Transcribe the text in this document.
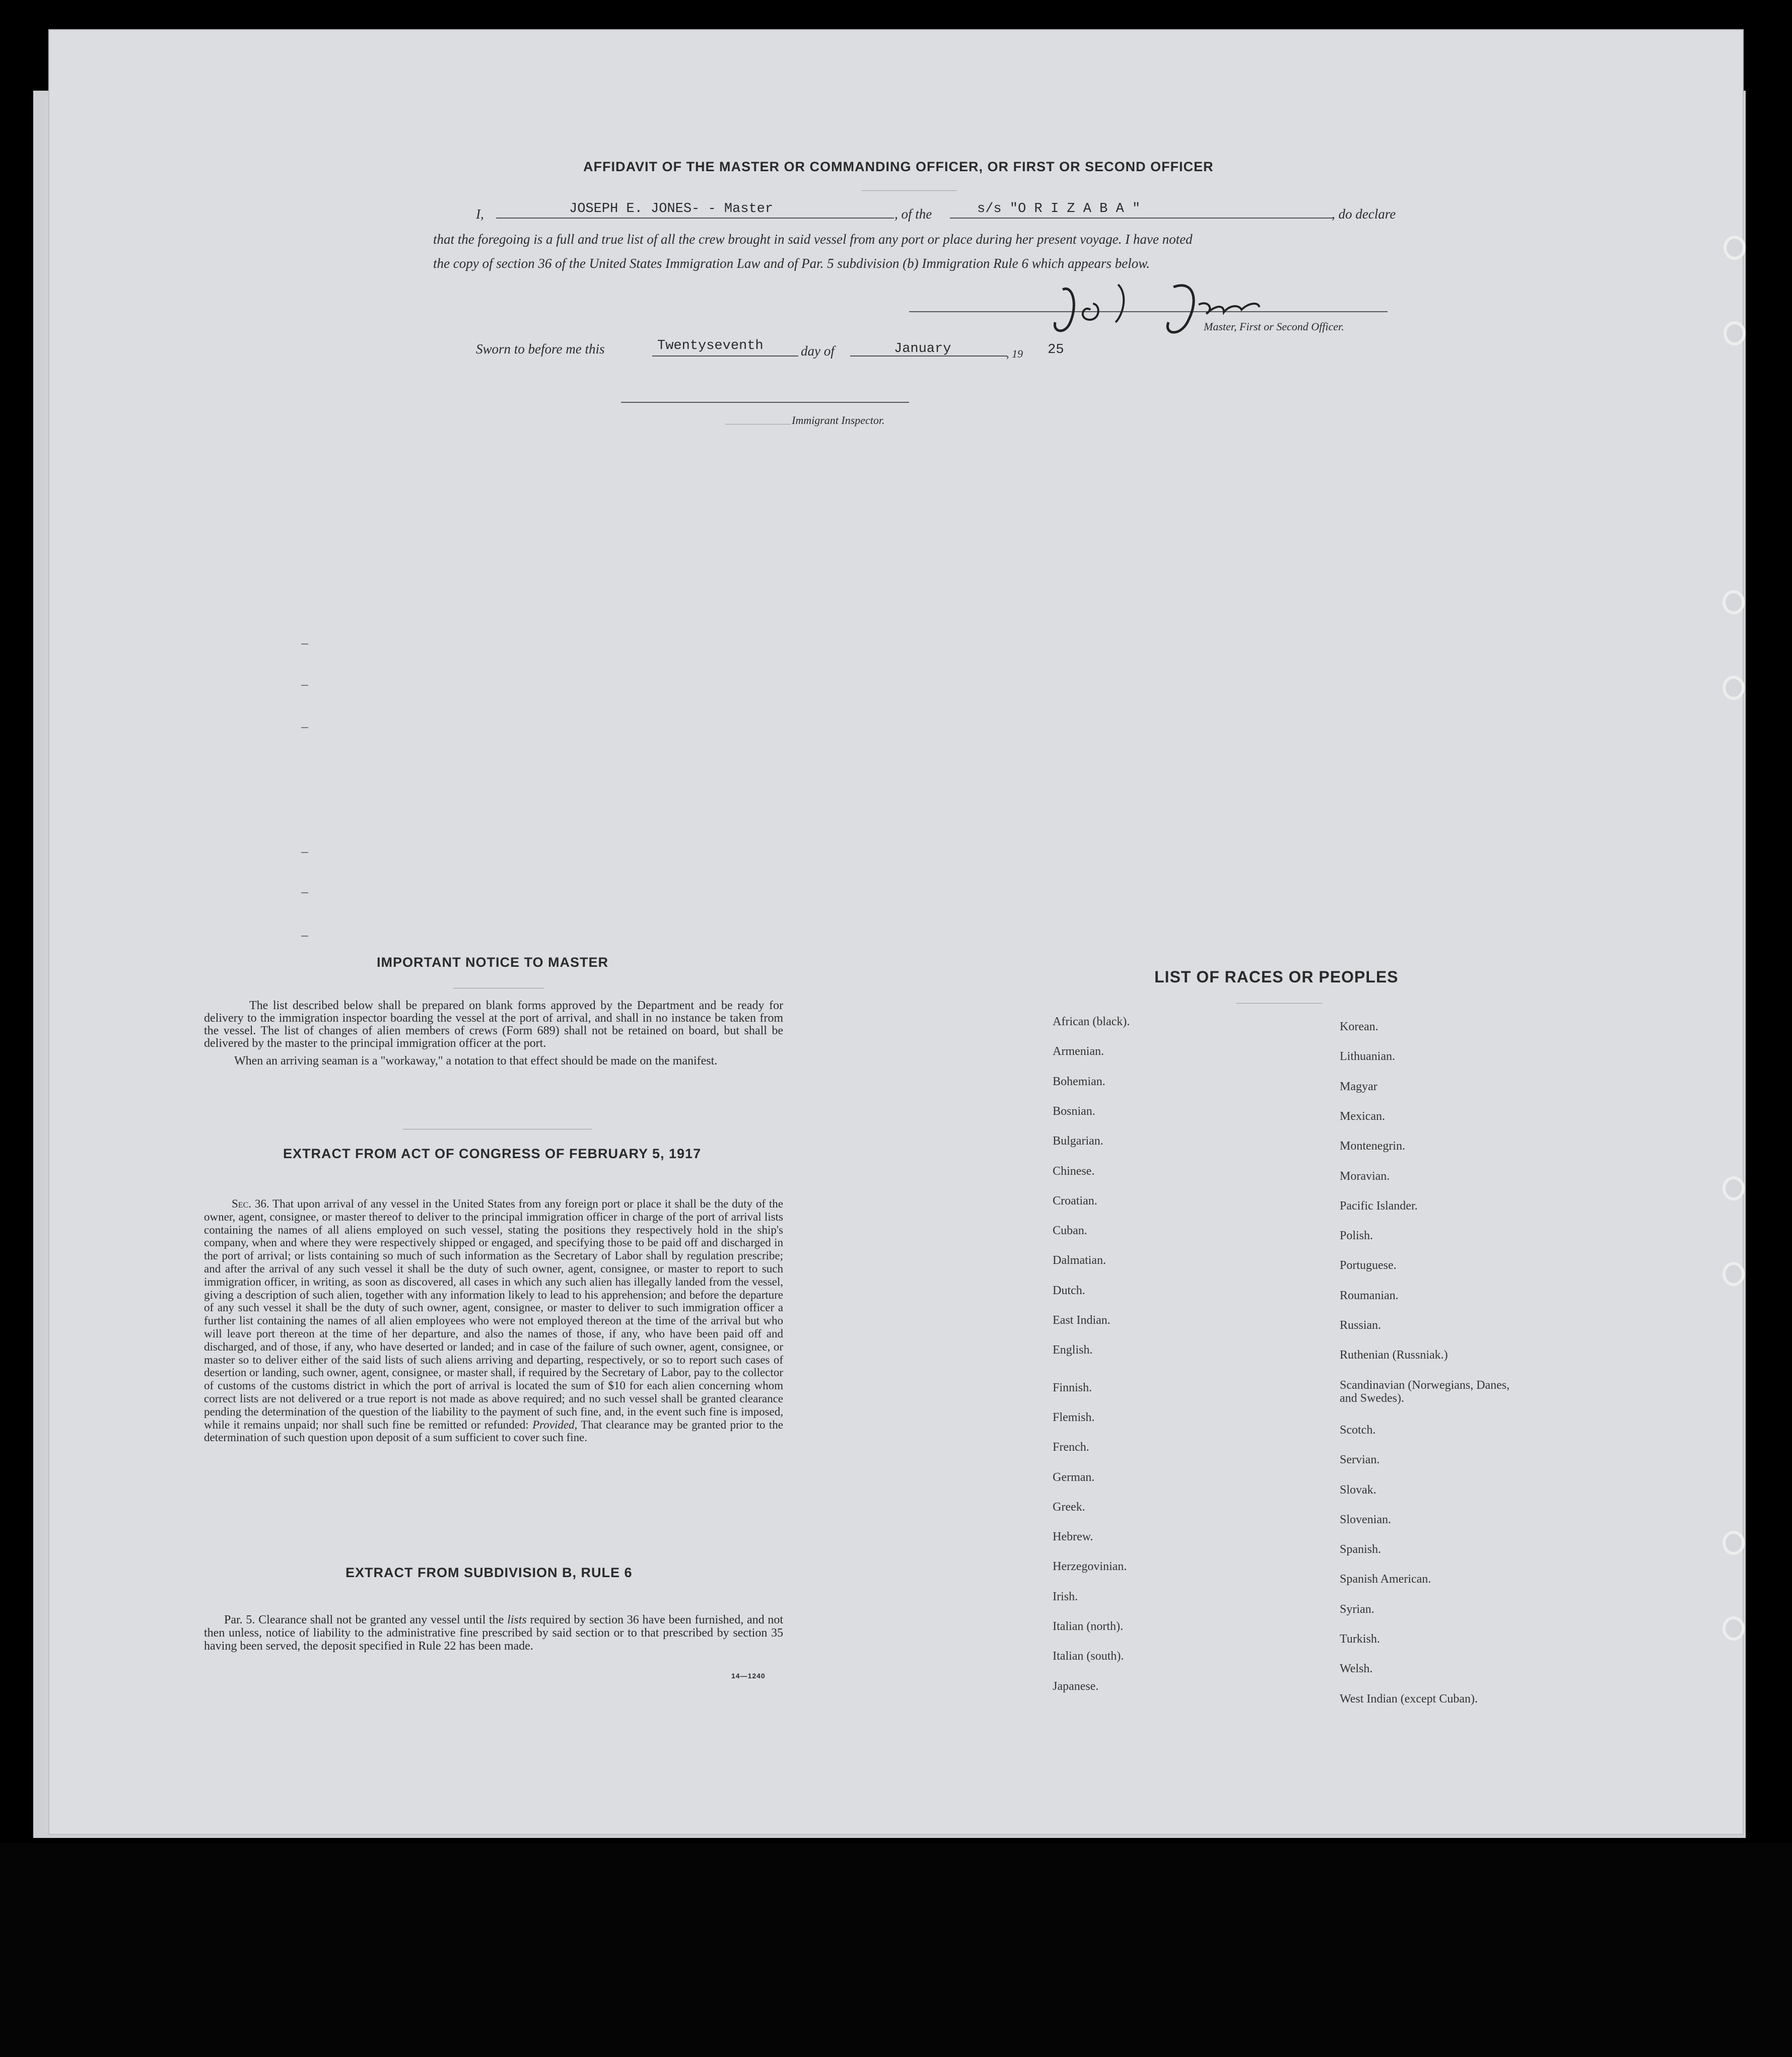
AFFIDAVIT OF THE MASTER OR COMMANDING OFFICER, OR FIRST OR SECOND OFFICER
I,	JOSEPH E. JONES- - Master	, of the	s/s "O R I Z A B A "	, do declare
that the foregoing is a full and true list of all the crew brought in said vessel from any port or place during her present voyage. I have noted
the copy of section 36 of the United States Immigration Law and of Par. 5 subdivision (b) Immigration Rule 6 which appears below.
Master, First or Second Officer.
Sworn to before me this	Twentyseventh	day of	January	, 19 25
Immigrant Inspector.
IMPORTANT NOTICE TO MASTER

The list described below shall be prepared on blank forms approved by the Department and be ready for delivery to the immigration inspector boarding the vessel at the port of arrival, and shall in no instance be taken from the vessel. The list of changes of alien members of crews (Form 689) shall not be retained on board, but shall be delivered by the master to the principal immigration officer at the port.

When an arriving seaman is a "workaway," a notation to that effect should be made on the manifest.

EXTRACT FROM ACT OF CONGRESS OF FEBRUARY 5, 1917

Sec. 36. That upon arrival of any vessel in the United States from any foreign port or place it shall be the duty of the owner, agent, consignee, or master thereof to deliver to the principal immigration officer in charge of the port of arrival lists containing the names of all aliens employed on such vessel, stating the positions they respectively hold in the ship's company, when and where they were respectively shipped or engaged, and specifying those to be paid off and discharged in the port of arrival; or lists containing so much of such information as the Secretary of Labor shall by regulation prescribe; and after the arrival of any such vessel it shall be the duty of such owner, agent, consignee, or master to report to such immigration officer, in writing, as soon as discovered, all cases in which any such alien has illegally landed from the vessel, giving a description of such alien, together with any information likely to lead to his apprehension; and before the departure of any such vessel it shall be the duty of such owner, agent, consignee, or master to deliver to such immigration officer a further list containing the names of all alien employees who were not employed thereon at the time of the arrival but who will leave port thereon at the time of her departure, and also the names of those, if any, who have been paid off and discharged, and of those, if any, who have deserted or landed; and in case of the failure of such owner, agent, consignee, or master so to deliver either of the said lists of such aliens arriving and departing, respectively, or so to report such cases of desertion or landing, such owner, agent, consignee, or master shall, if required by the Secretary of Labor, pay to the collector of customs of the customs district in which the port of arrival is located the sum of $10 for each alien concerning whom correct lists are not delivered or a true report is not made as above required; and no such vessel shall be granted clearance pending the determination of the question of the liability to the payment of such fine, and, in the event such fine is imposed, while it remains unpaid; nor shall such fine be remitted or refunded: Provided, That clearance may be granted prior to the determination of such question upon deposit of a sum sufficient to cover such fine.

EXTRACT FROM SUBDIVISION B, RULE 6

Par. 5. Clearance shall not be granted any vessel until the lists required by section 36 have been furnished, and not then unless, notice of liability to the administrative fine prescribed by said section or to that prescribed by section 35 having been served, the deposit specified in Rule 22 has been made.

14—1240
LIST OF RACES OR PEOPLES
African (black).
Armenian.
Bohemian.
Bosnian.
Bulgarian.
Chinese.
Croatian.
Cuban.
Dalmatian.
Dutch.
East Indian.
English.
Finnish.
Flemish.
French.
German.
Greek.
Hebrew.
Herzegovinian.
Irish.
Italian (north).
Italian (south).
Japanese.
Korean.
Lithuanian.
Magyar
Mexican.
Montenegrin.
Moravian.
Pacific Islander.
Polish.
Portuguese.
Roumanian.
Russian.
Ruthenian (Russniak.)
Scandinavian (Norwegians, Danes, and Swedes).
Scotch.
Servian.
Slovak.
Slovenian.
Spanish.
Spanish American.
Syrian.
Turkish.
Welsh.
West Indian (except Cuban).
